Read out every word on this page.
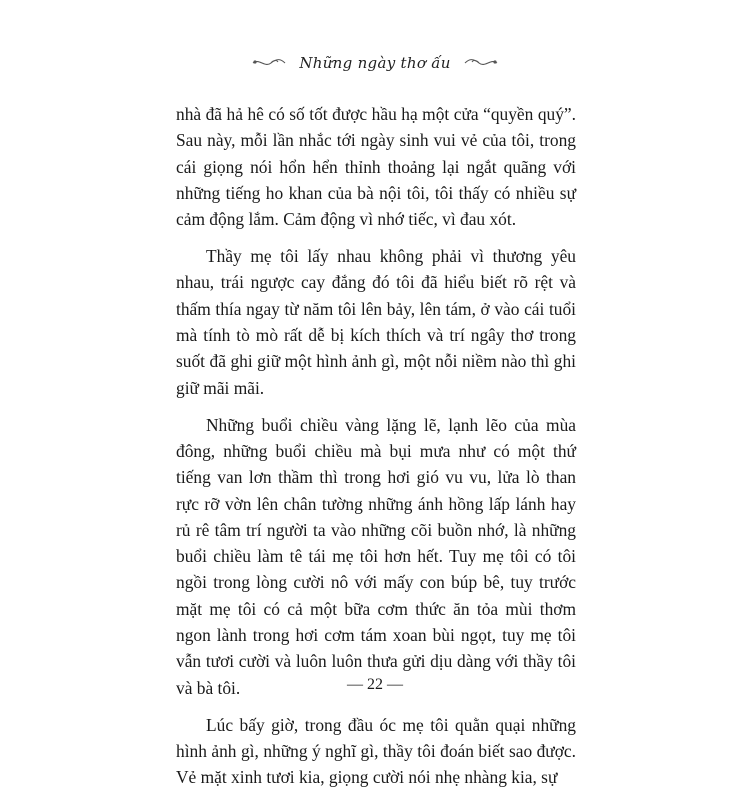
Những ngày thơ ấu

nhà đã hả hê có số tốt được hầu hạ một cửa “quyền quý”. Sau này, mỗi lần nhắc tới ngày sinh vui vẻ của tôi, trong cái giọng nói hổn hển thỉnh thoảng lại ngắt quãng với những tiếng ho khan của bà nội tôi, tôi thấy có nhiều sự cảm động lắm. Cảm động vì nhớ tiếc, vì đau xót.

Thầy mẹ tôi lấy nhau không phải vì thương yêu nhau, trái ngược cay đắng đó tôi đã hiểu biết rõ rệt và thấm thía ngay từ năm tôi lên bảy, lên tám, ở vào cái tuổi mà tính tò mò rất dễ bị kích thích và trí ngây thơ trong suốt đã ghi giữ một hình ảnh gì, một nỗi niềm nào thì ghi giữ mãi mãi.

Những buổi chiều vàng lặng lẽ, lạnh lẽo của mùa đông, những buổi chiều mà bụi mưa như có một thứ tiếng van lơn thầm thì trong hơi gió vu vu, lửa lò than rực rỡ vờn lên chân tường những ánh hồng lấp lánh hay rủ rê tâm trí người ta vào những cõi buồn nhớ, là những buổi chiều làm tê tái mẹ tôi hơn hết. Tuy mẹ tôi có tôi ngồi trong lòng cười nô với mấy con búp bê, tuy trước mặt mẹ tôi có cả một bữa cơm thức ăn tỏa mùi thơm ngon lành trong hơi cơm tám xoan bùi ngọt, tuy mẹ tôi vẫn tươi cười và luôn luôn thưa gửi dịu dàng với thầy tôi và bà tôi.

Lúc bấy giờ, trong đầu óc mẹ tôi quằn quại những hình ảnh gì, những ý nghĩ gì, thầy tôi đoán biết sao được. Vẻ mặt xinh tươi kia, giọng cười nói nhẹ nhàng kia, sự

— 22 —
